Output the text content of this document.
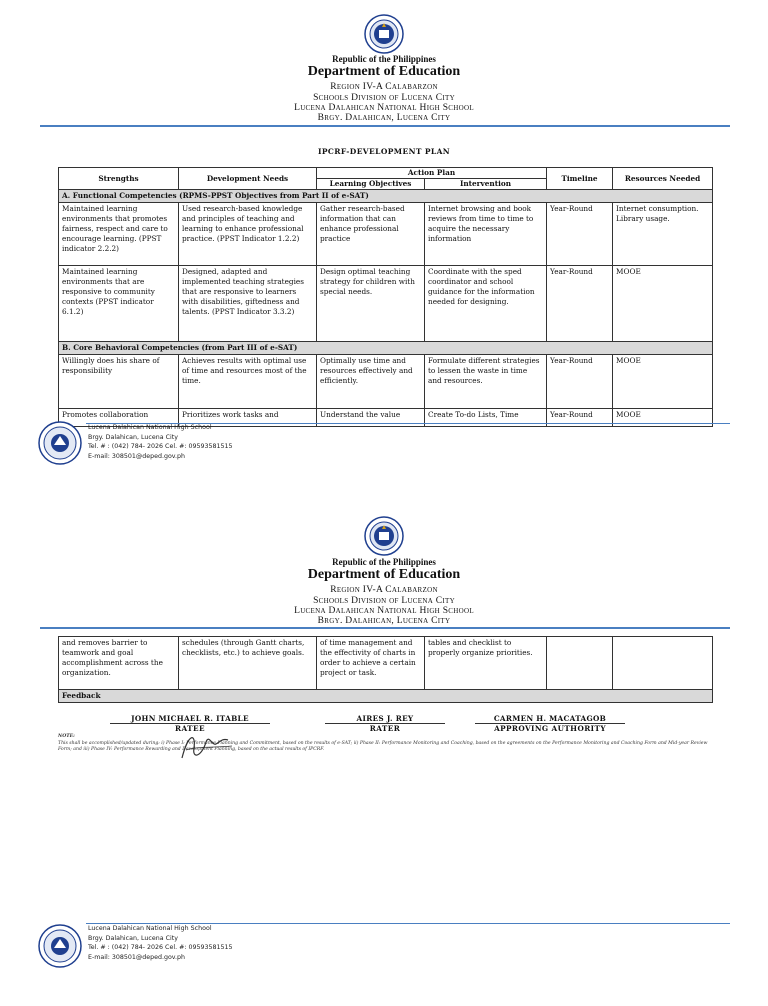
Republic of the Philippines
Department of Education
Region IV-A Calabarzon
Schools Division of Lucena City
Lucena Dalahican National High School
Brgy. Dalahican, Lucena City
IPCRF-DEVELOPMENT PLAN
Strengths	Development Needs	Action Plan		Timeline	Resources Needed
		Learning Objectives	Intervention		
A. Functional Competencies (RPMS-PPST Objectives from Part II of e-SAT)					
Maintained learning environments that promotes fairness, respect and care to encourage learning. (PPST indicator 2.2.2)	Used research-based knowledge and principles of teaching and learning to enhance professional practice. (PPST Indicator 1.2.2)	Gather research-based information that can enhance professional practice	Internet browsing and book reviews from time to time to acquire the necessary information	Year-Round	Internet consumption. Library usage.
Maintained learning environments that are responsive to community contexts (PPST indicator 6.1.2)	Designed, adapted and implemented teaching strategies that are responsive to learners with disabilities, giftedness and talents. (PPST Indicator 3.3.2)	Design optimal teaching strategy for children with special needs.	Coordinate with the sped coordinator and school guidance for the information needed for designing.	Year-Round	MOOE
B. Core Behavioral Competencies (from Part III of e-SAT)					
Willingly does his share of responsibility	Achieves results with optimal use of time and resources most of the time.	Optimally use time and resources effectively and efficiently.	Formulate different strategies to lessen the waste in time and resources.	Year-Round	MOOE
Promotes collaboration	Prioritizes work tasks and	Understand the value	Create To-do Lists, Time	Year-Round	MOOE
Lucena Dalahican National High School
Brgy. Dalahican, Lucena City
Tel. # : (042) 784- 2026 Cel. #: 09593581515
E-mail: 308501@deped.gov.ph
Republic of the Philippines
Department of Education
Region IV-A Calabarzon
Schools Division of Lucena City
Lucena Dalahican National High School
Brgy. Dalahican, Lucena City
and removes barrier to teamwork and goal accomplishment across the organization.	schedules (through Gantt charts, checklists, etc.) to achieve goals.	of time management and the effectivity of charts in order to achieve a certain project or task.	tables and checklist to properly organize priorities.		
Feedback
JOHN MICHAEL R. ITABLE
RATEE
AIRES J. REY
RATER
CARMEN H. MACATAGOB
APPROVING AUTHORITY
NOTE:
This shall be accomplished/updated during: i) Phase I: Performance Planning and Commitment, based on the results of e-SAT; ii) Phase II: Performance Monitoring and Coaching, based on the agreements on the Performance Monitoring and Coaching Form and Mid-year Review Form; and iii) Phase IV: Performance Rewarding and Development Planning, based on the actual results of IPCRF.
Lucena Dalahican National High School
Brgy. Dalahican, Lucena City
Tel. # : (042) 784- 2026 Cel. #: 09593581515
E-mail: 308501@deped.gov.ph
